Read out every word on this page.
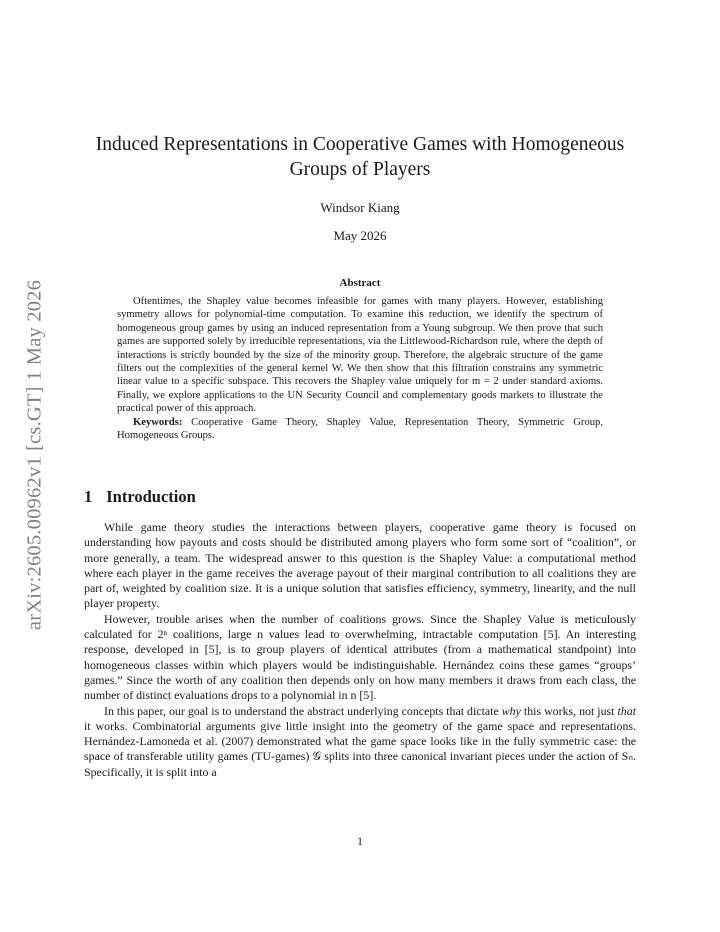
arXiv:2605.00962v1 [cs.GT] 1 May 2026
Induced Representations in Cooperative Games with Homogeneous
Groups of Players
Windsor Kiang
May 2026
Abstract

Oftentimes, the Shapley value becomes infeasible for games with many players. However, establishing symmetry allows for polynomial-time computation. To examine this reduction, we identify the spectrum of homogeneous group games by using an induced representation from a Young subgroup. We then prove that such games are supported solely by irreducible representations, via the Littlewood-Richardson rule, where the depth of interactions is strictly bounded by the size of the minority group. Therefore, the algebraic structure of the game filters out the complexities of the general kernel W. We then show that this filtration constrains any symmetric linear value to a specific subspace. This recovers the Shapley value uniquely for m = 2 under standard axioms. Finally, we explore applications to the UN Security Council and complementary goods markets to illustrate the practical power of this approach.

Keywords: Cooperative Game Theory, Shapley Value, Representation Theory, Symmetric Group, Homogeneous Groups.

1 Introduction

While game theory studies the interactions between players, cooperative game theory is focused on understanding how payouts and costs should be distributed among players who form some sort of “coalition”, or more generally, a team. The widespread answer to this question is the Shapley Value: a computational method where each player in the game receives the average payout of their marginal contribution to all coalitions they are part of, weighted by coalition size. It is a unique solution that satisfies efficiency, symmetry, linearity, and the null player property.

However, trouble arises when the number of coalitions grows. Since the Shapley Value is meticulously calculated for 2ⁿ coalitions, large n values lead to overwhelming, intractable computation [5]. An interesting response, developed in [5], is to group players of identical attributes (from a mathematical standpoint) into homogeneous classes within which players would be indistinguishable. Hernández coins these games “groups’ games.” Since the worth of any coalition then depends only on how many members it draws from each class, the number of distinct evaluations drops to a polynomial in n [5].

In this paper, our goal is to understand the abstract underlying concepts that dictate why this works, not just that it works. Combinatorial arguments give little insight into the geometry of the game space and representations. Hernández-Lamoneda et al. (2007) demonstrated what the game space looks like in the fully symmetric case: the space of transferable utility games (TU-games) 𝒢 splits into three canonical invariant pieces under the action of Sₙ. Specifically, it is split into a

1
